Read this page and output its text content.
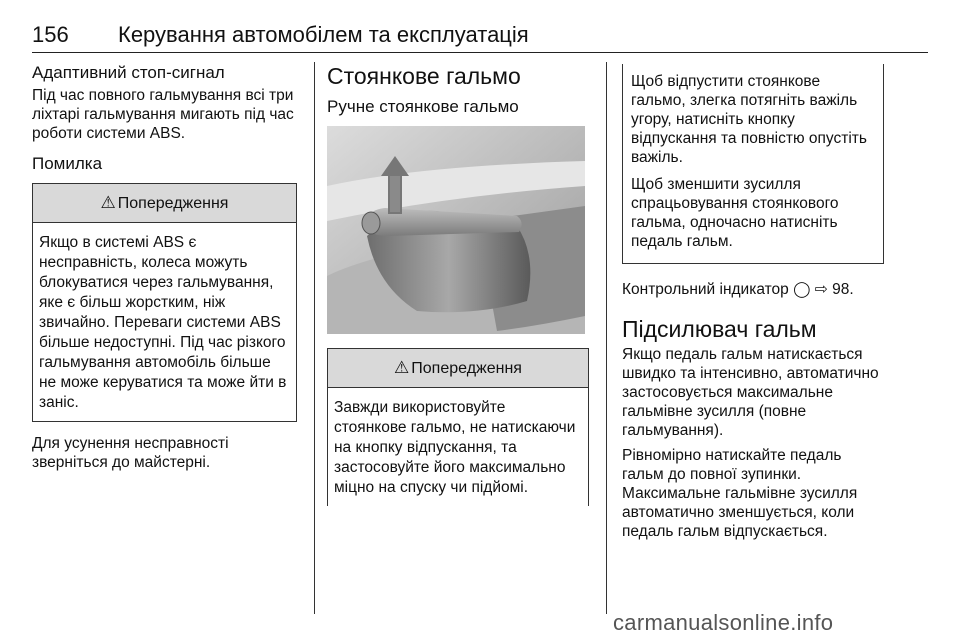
156 Керування автомобілем та експлуатація
Адаптивний стоп-сигнал

Під час повного гальмування всі три ліхтарі гальмування мигають під час роботи системи ABS.

Помилка
⚠ Попередження
Якщо в системі ABS є несправність, колеса можуть блокуватися через гальмування, яке є більш жорстким, ніж звичайно. Переваги системи ABS більше недоступні. Під час різкого гальмування автомобіль більше не може керуватися та може йти в заніс.

Для усунення несправності зверніться до майстерні.

Стоянкове гальмо
Ручне стоянкове гальмо
⚠ Попередження
Завжди використовуйте стоянкове гальмо, не натискаючи на кнопку відпускання, та застосовуйте його максимально міцно на спуску чи підйомі.

Щоб відпустити стоянкове гальмо, злегка потягніть важіль угору, натисніть кнопку відпускання та повністю опустіть важіль.

Щоб зменшити зусилля спрацьовування стоянкового гальма, одночасно натисніть педаль гальм.

Контрольний індикатор ◯ ⇨ 98.

Підсилювач гальм

Якщо педаль гальм натискається швидко та інтенсивно, автоматично застосовується максимальне гальмівне зусилля (повне гальмування).

Рівномірно натискайте педаль гальм до повної зупинки. Максимальне гальмівне зусилля автоматично зменшується, коли педаль гальм відпускається.

carmanualsonline.info
